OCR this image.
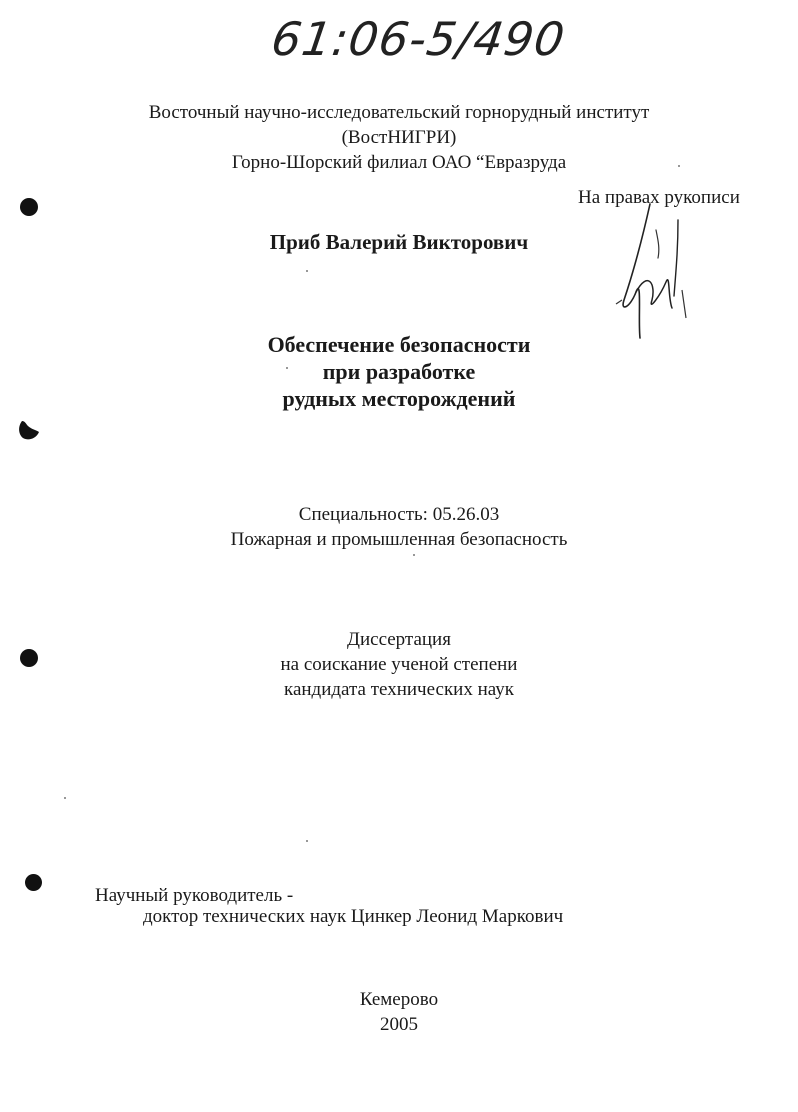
61:06-5/490
Восточный научно-исследовательский горнорудный институт
(ВостНИГРИ)
Горно-Шорский филиал ОАО “Евразруда
На правах рукописи
Приб Валерий Викторович
Обеспечение безопасности
при разработке
рудных месторождений
Специальность: 05.26.03
Пожарная и промышленная безопасность
Диссертация
на соискание ученой степени
кандидата технических наук
Научный руководитель -
доктор технических наук Цинкер Леонид Маркович
Кемерово
2005
